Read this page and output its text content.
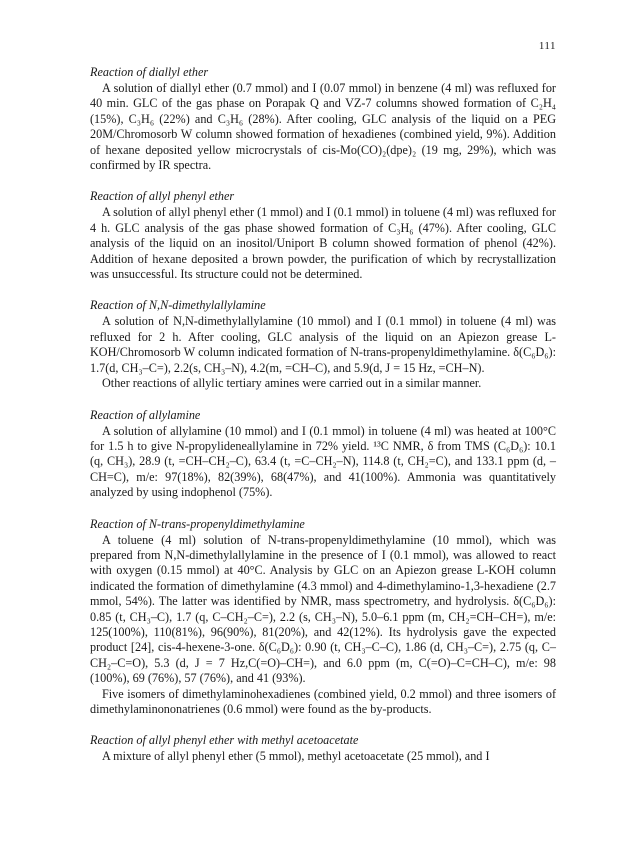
111

Reaction of diallyl ether

A solution of diallyl ether (0.7 mmol) and I (0.07 mmol) in benzene (4 ml) was refluxed for 40 min. GLC of the gas phase on Porapak Q and VZ-7 columns showed formation of C₂H₄ (15%), C₃H₆ (22%) and C₃H₆ (28%). After cooling, GLC analysis of the liquid on a PEG 20M/Chromosorb W column showed formation of hexadienes (combined yield, 9%). Addition of hexane deposited yellow microcrystals of cis-Mo(CO)₂(dpe)₂ (19 mg, 29%), which was confirmed by IR spectra.

Reaction of allyl phenyl ether

A solution of allyl phenyl ether (1 mmol) and I (0.1 mmol) in toluene (4 ml) was refluxed for 4 h. GLC analysis of the gas phase showed formation of C₃H₆ (47%). After cooling, GLC analysis of the liquid on an inositol/Uniport B column showed formation of phenol (42%). Addition of hexane deposited a brown powder, the purification of which by recrystallization was unsuccessful. Its structure could not be determined.

Reaction of N,N-dimethylallylamine

A solution of N,N-dimethylallylamine (10 mmol) and I (0.1 mmol) in toluene (4 ml) was refluxed for 2 h. After cooling, GLC analysis of the liquid on an Apiezon grease L-KOH/Chromosorb W column indicated formation of N-trans-propenyldimethylamine. δ(C₆D₆): 1.7(d, CH₃–C=), 2.2(s, CH₃–N), 4.2(m, =CH–C), and 5.9(d, J = 15 Hz, =CH–N).

Other reactions of allylic tertiary amines were carried out in a similar manner.

Reaction of allylamine

A solution of allylamine (10 mmol) and I (0.1 mmol) in toluene (4 ml) was heated at 100°C for 1.5 h to give N-propylideneallylamine in 72% yield. ¹³C NMR, δ from TMS (C₆D₆): 10.1 (q, CH₃), 28.9 (t, =CH–CH₂–C), 63.4 (t, =C–CH₂–N), 114.8 (t, CH₂=C), and 133.1 ppm (d, –CH=C), m/e: 97(18%), 82(39%), 68(47%), and 41(100%). Ammonia was quantitatively analyzed by using indophenol (75%).

Reaction of N-trans-propenyldimethylamine

A toluene (4 ml) solution of N-trans-propenyldimethylamine (10 mmol), which was prepared from N,N-dimethylallylamine in the presence of I (0.1 mmol), was allowed to react with oxygen (0.15 mmol) at 40°C. Analysis by GLC on an Apiezon grease L-KOH column indicated the formation of dimethylamine (4.3 mmol) and 4-dimethylamino-1,3-hexadiene (2.7 mmol, 54%). The latter was identified by NMR, mass spectrometry, and hydrolysis. δ(C₆D₆): 0.85 (t, CH₃–C), 1.7 (q, C–CH₂–C=), 2.2 (s, CH₃–N), 5.0–6.1 ppm (m, CH₂=CH–CH=), m/e: 125(100%), 110(81%), 96(90%), 81(20%), and 42(12%). Its hydrolysis gave the expected product [24], cis-4-hexene-3-one. δ(C₆D₆): 0.90 (t, CH₃–C–C), 1.86 (d, CH₃–C=), 2.75 (q, C–CH₂–C=O), 5.3 (d, J = 7 Hz,C(=O)–CH=), and 6.0 ppm (m, C(=O)–C=CH–C), m/e: 98 (100%), 69 (76%), 57 (76%), and 41 (93%).

Five isomers of dimethylaminohexadienes (combined yield, 0.2 mmol) and three isomers of dimethylaminononatrienes (0.6 mmol) were found as the by-products.

Reaction of allyl phenyl ether with methyl acetoacetate

A mixture of allyl phenyl ether (5 mmol), methyl acetoacetate (25 mmol), and I
